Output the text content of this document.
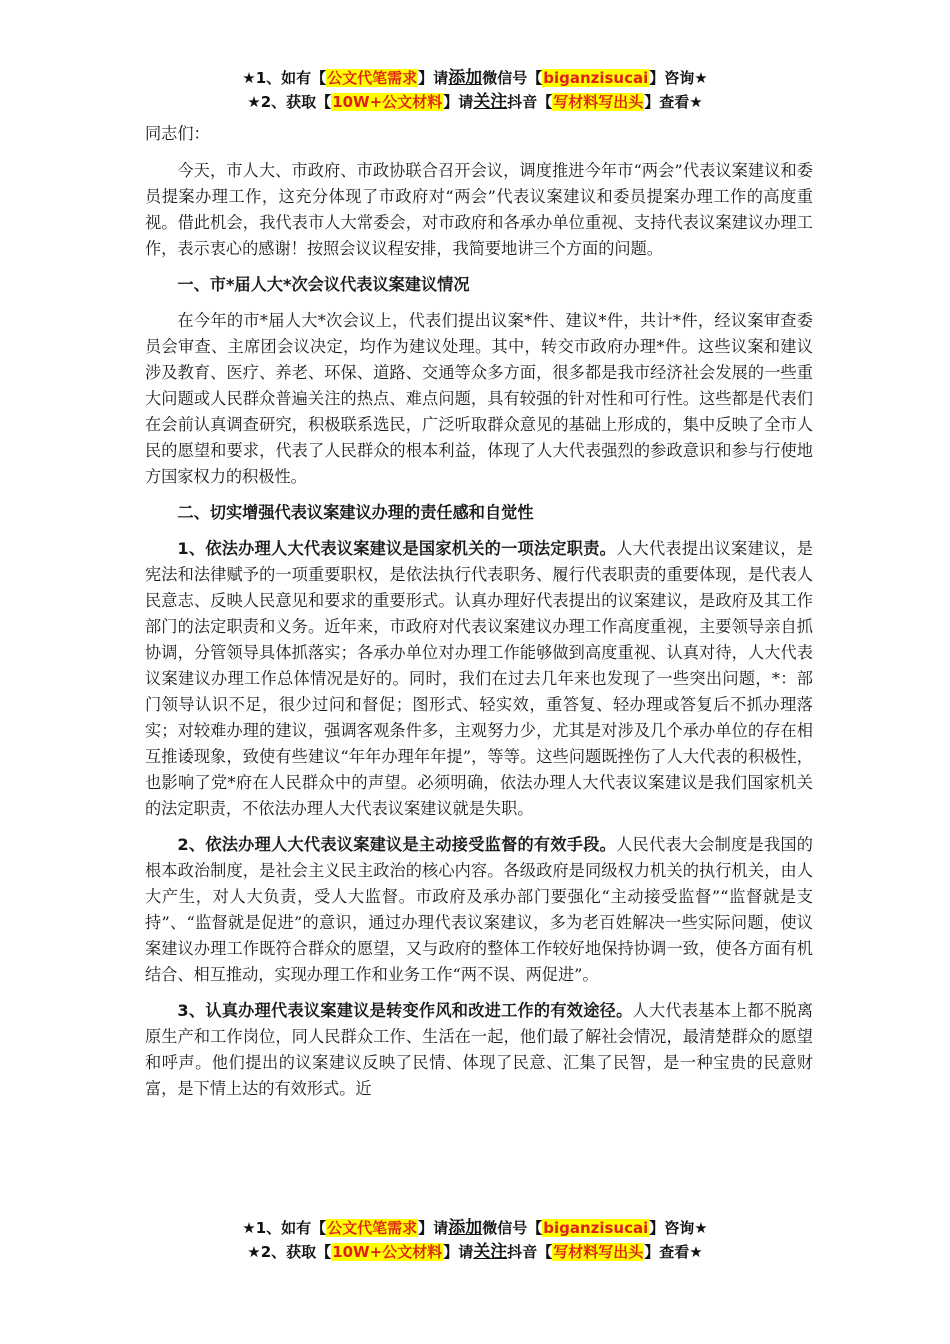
★1、如有【公文代笔需求】请添加微信号【biganzisucai】咨询★
★2、获取【10W+公文材料】请关注抖音【写材料写出头】查看★
同志们：

今天，市人大、市政府、市政协联合召开会议，调度推进今年市“两会”代表议案建议和委员提案办理工作，这充分体现了市政府对“两会”代表议案建议和委员提案办理工作的高度重视。借此机会，我代表市人大常委会，对市政府和各承办单位重视、支持代表议案建议办理工作，表示衷心的感谢！按照会议议程安排，我简要地讲三个方面的问题。

一、市*届人大*次会议代表议案建议情况

在今年的市*届人大*次会议上，代表们提出议案*件、建议*件，共计*件，经议案审查委员会审查、主席团会议决定，均作为建议处理。其中，转交市政府办理*件。这些议案和建议涉及教育、医疗、养老、环保、道路、交通等众多方面，很多都是我市经济社会发展的一些重大问题或人民群众普遍关注的热点、难点问题，具有较强的针对性和可行性。这些都是代表们在会前认真调查研究，积极联系选民，广泛听取群众意见的基础上形成的，集中反映了全市人民的愿望和要求，代表了人民群众的根本利益，体现了人大代表强烈的参政意识和参与行使地方国家权力的积极性。

二、切实增强代表议案建议办理的责任感和自觉性

1、依法办理人大代表议案建议是国家机关的一项法定职责。人大代表提出议案建议，是宪法和法律赋予的一项重要职权，是依法执行代表职务、履行代表职责的重要体现，是代表人民意志、反映人民意见和要求的重要形式。认真办理好代表提出的议案建议，是政府及其工作部门的法定职责和义务。近年来，市政府对代表议案建议办理工作高度重视，主要领导亲自抓协调，分管领导具体抓落实；各承办单位对办理工作能够做到高度重视、认真对待，人大代表议案建议办理工作总体情况是好的。同时，我们在过去几年来也发现了一些突出问题，*：部门领导认识不足，很少过问和督促；图形式、轻实效，重答复、轻办理或答复后不抓办理落实；对较难办理的建议，强调客观条件多，主观努力少，尤其是对涉及几个承办单位的存在相互推诿现象，致使有些建议“年年办理年年提”，等等。这些问题既挫伤了人大代表的积极性，也影响了党*府在人民群众中的声望。必须明确，依法办理人大代表议案建议是我们国家机关的法定职责，不依法办理人大代表议案建议就是失职。

2、依法办理人大代表议案建议是主动接受监督的有效手段。人民代表大会制度是我国的根本政治制度，是社会主义民主政治的核心内容。各级政府是同级权力机关的执行机关，由人大产生，对人大负责，受人大监督。市政府及承办部门要强化“主动接受监督”“监督就是支持”、“监督就是促进”的意识，通过办理代表议案建议，多为老百姓解决一些实际问题，使议案建议办理工作既符合群众的愿望，又与政府的整体工作较好地保持协调一致，使各方面有机结合、相互推动，实现办理工作和业务工作“两不误、两促进”。

3、认真办理代表议案建议是转变作风和改进工作的有效途径。人大代表基本上都不脱离原生产和工作岗位，同人民群众工作、生活在一起，他们最了解社会情况，最清楚群众的愿望和呼声。他们提出的议案建议反映了民情、体现了民意、汇集了民智，是一种宝贵的民意财富，是下情上达的有效形式。近

★1、如有【公文代笔需求】请添加微信号【biganzisucai】咨询★
★2、获取【10W+公文材料】请关注抖音【写材料写出头】查看★
